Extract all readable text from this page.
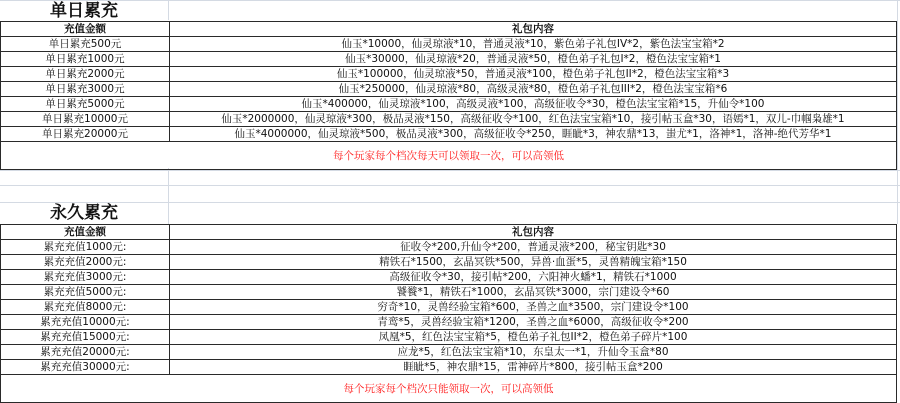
单日累充
充值金额	礼包内容
单日累充500元	仙玉*10000，仙灵琼液*10，普通灵液*10，紫色弟子礼包IV*2，紫色法宝宝箱*2
单日累充1000元	仙玉*30000，仙灵琼液*20，普通灵液*50，橙色弟子礼包I*2，橙色法宝宝箱*1
单日累充2000元	仙玉*100000，仙灵琼液*50，普通灵液*100，橙色弟子礼包II*2，橙色法宝宝箱*3
单日累充3000元	仙玉*250000，仙灵琼液*80，高级灵液*80，橙色弟子礼包III*2，橙色法宝宝箱*6
单日累充5000元	仙玉*400000，仙灵琼液*100，高级灵液*100，高级征收令*30，橙色法宝宝箱*15，升仙令*100
单日累充10000元	仙玉*2000000，仙灵琼液*300，极品灵液*150，高级征收令*100，红色法宝宝箱*10，接引帖玉盒*30，语嫣*1，双儿-巾帼枭雄*1
单日累充20000元	仙玉*4000000，仙灵琼液*500，极品灵液*300，高级征收令*250，睚眦*3，神农鼎*13，蚩尤*1，洛神*1，洛神-绝代芳华*1
每个玩家每个档次每天可以领取一次，可以高领低	
永久累充
充值金额	礼包内容
累充充值1000元:	征收令*200,升仙令*200，普通灵液*200，秘宝钥匙*30
累充充值2000元:	精铁石*1500，玄晶冥铁*500，异兽·血蛋*5，灵兽精魄宝箱*150
累充充值3000元:	高级征收令*30，接引帖*200，六阳神火蟠*1，精铁石*1000
累充充值5000元:	饕餮*1，精铁石*1000，玄晶冥铁*3000，宗门建设令*60
累充充值8000元:	穷奇*10，灵兽经验宝箱*600，圣兽之血*3500，宗门建设令*100
累充充值10000元:	青鸾*5，灵兽经验宝箱*1200，圣兽之血*6000，高级征收令*200
累充充值15000元:	凤凰*5，红色法宝宝箱*5，橙色弟子礼包II*2，橙色弟子碎片*100
累充充值20000元:	应龙*5，红色法宝宝箱*10，东皇太一*1，升仙令玉盒*80
累充充值30000元:	睚眦*5，神农鼎*15，雷神碎片*800，接引帖玉盒*200
每个玩家每个档次只能领取一次，可以高领低	
